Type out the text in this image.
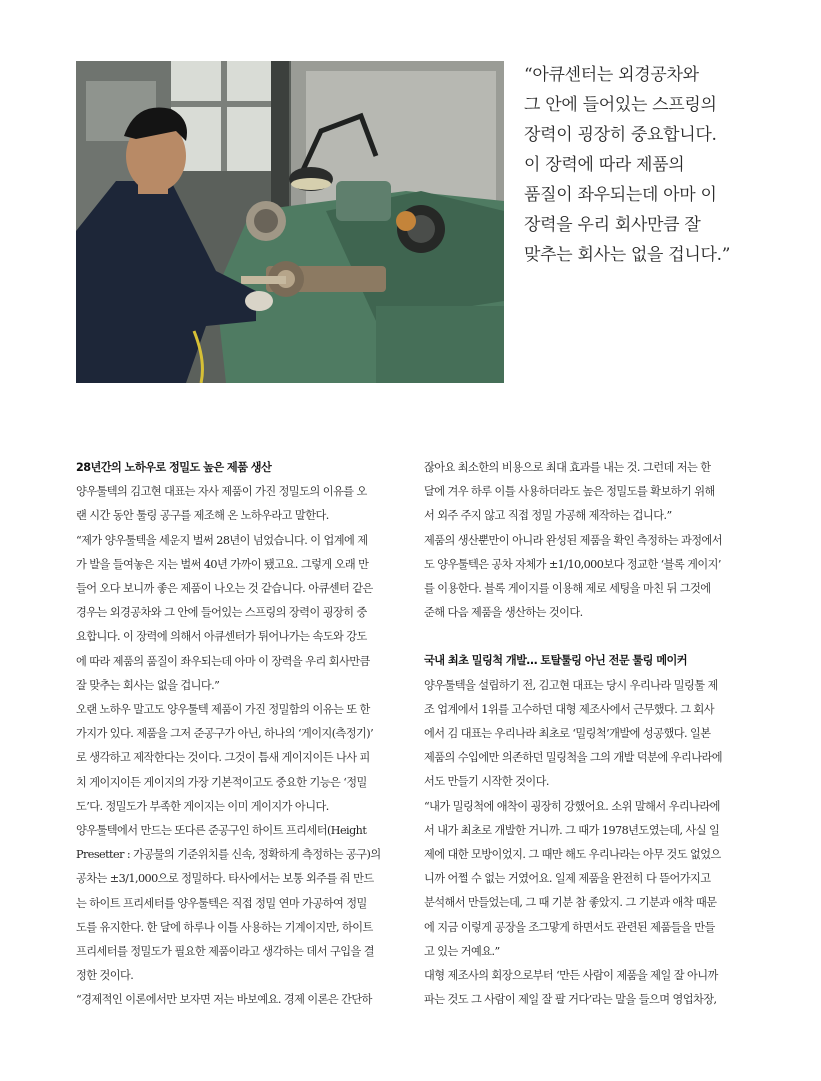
“아큐센터는 외경공차와
그 안에 들어있는 스프링의
장력이 굉장히 중요합니다.
이 장력에 따라 제품의
품질이 좌우되는데 아마 이
장력을 우리 회사만큼 잘
맞추는 회사는 없을 겁니다.”
28년간의 노하우로 정밀도 높은 제품 생산

양우툴텍의 김고현 대표는 자사 제품이 가진 정밀도의 이유를 오

랜 시간 동안 툴링 공구를 제조해 온 노하우라고 말한다.

“제가 양우툴텍을 세운지 벌써 28년이 넘었습니다. 이 업계에 제

가 발을 들여놓은 지는 벌써 40년 가까이 됐고요. 그렇게 오래 만

들어 오다 보니까 좋은 제품이 나오는 것 같습니다. 아큐센터 같은

경우는 외경공차와 그 안에 들어있는 스프링의 장력이 굉장히 중

요합니다. 이 장력에 의해서 아큐센터가 튀어나가는 속도와 강도

에 따라 제품의 품질이 좌우되는데 아마 이 장력을 우리 회사만큼

잘 맞추는 회사는 없을 겁니다.”

오랜 노하우 말고도 양우툴텍 제품이 가진 정밀함의 이유는 또 한

가지가 있다. 제품을 그저 준공구가 아닌, 하나의 ‘게이지(측정기)’

로 생각하고 제작한다는 것이다. 그것이 틈새 게이지이든 나사 피

치 게이지이든 게이지의 가장 기본적이고도 중요한 기능은 ‘정밀

도’다. 정밀도가 부족한 게이지는 이미 게이지가 아니다.

양우툴텍에서 만드는 또다른 준공구인 하이트 프리세터(Height

Presetter : 가공물의 기준위치를 신속, 정확하게 측정하는 공구)의

공차는 ±3/1,000으로 정밀하다. 타사에서는 보통 외주를 줘 만드

는 하이트 프리세터를 양우툴텍은 직접 정밀 연마 가공하여 정밀

도를 유지한다. 한 달에 하루나 이틀 사용하는 기계이지만, 하이트

프리세터를 정밀도가 필요한 제품이라고 생각하는 데서 구입을 결

정한 것이다.

“경제적인 이론에서만 보자면 저는 바보예요. 경제 이론은 간단하

잖아요 최소한의 비용으로 최대 효과를 내는 것. 그런데 저는 한

달에 겨우 하루 이틀 사용하더라도 높은 정밀도를 확보하기 위해

서 외주 주지 않고 직접 정밀 가공해 제작하는 겁니다.”

제품의 생산뿐만이 아니라 완성된 제품을 확인 측정하는 과정에서

도 양우툴텍은 공차 자체가 ±1/10,000보다 정교한 ‘블록 게이지’

를 이용한다. 블록 게이지를 이용해 제로 세팅을 마친 뒤 그것에

준해 다음 제품을 생산하는 것이다.

국내 최초 밀링척 개발… 토탈툴링 아닌 전문 툴링 메이커

양우툴텍을 설립하기 전, 김고현 대표는 당시 우리나라 밀링툴 제

조 업계에서 1위를 고수하던 대형 제조사에서 근무했다. 그 회사

에서 김 대표는 우리나라 최초로 ‘밀링척’개발에 성공했다. 일본

제품의 수입에만 의존하던 밀링척을 그의 개발 덕분에 우리나라에

서도 만들기 시작한 것이다.

“내가 밀링척에 애착이 굉장히 강했어요. 소위 말해서 우리나라에

서 내가 최초로 개발한 거니까. 그 때가 1978년도였는데, 사실 일

제에 대한 모방이었지. 그 때만 해도 우리나라는 아무 것도 없었으

니까 어쩔 수 없는 거였어요. 일제 제품을 완전히 다 뜯어가지고

분석해서 만들었는데, 그 때 기분 참 좋았지. 그 기분과 애착 때문

에 지금 이렇게 공장을 조그맣게 하면서도 관련된 제품들을 만들

고 있는 거예요.”

대형 제조사의 회장으로부터 ‘만든 사람이 제품을 제일 잘 아니까

파는 것도 그 사람이 제일 잘 팔 거다’라는 말을 들으며 영업차장,
